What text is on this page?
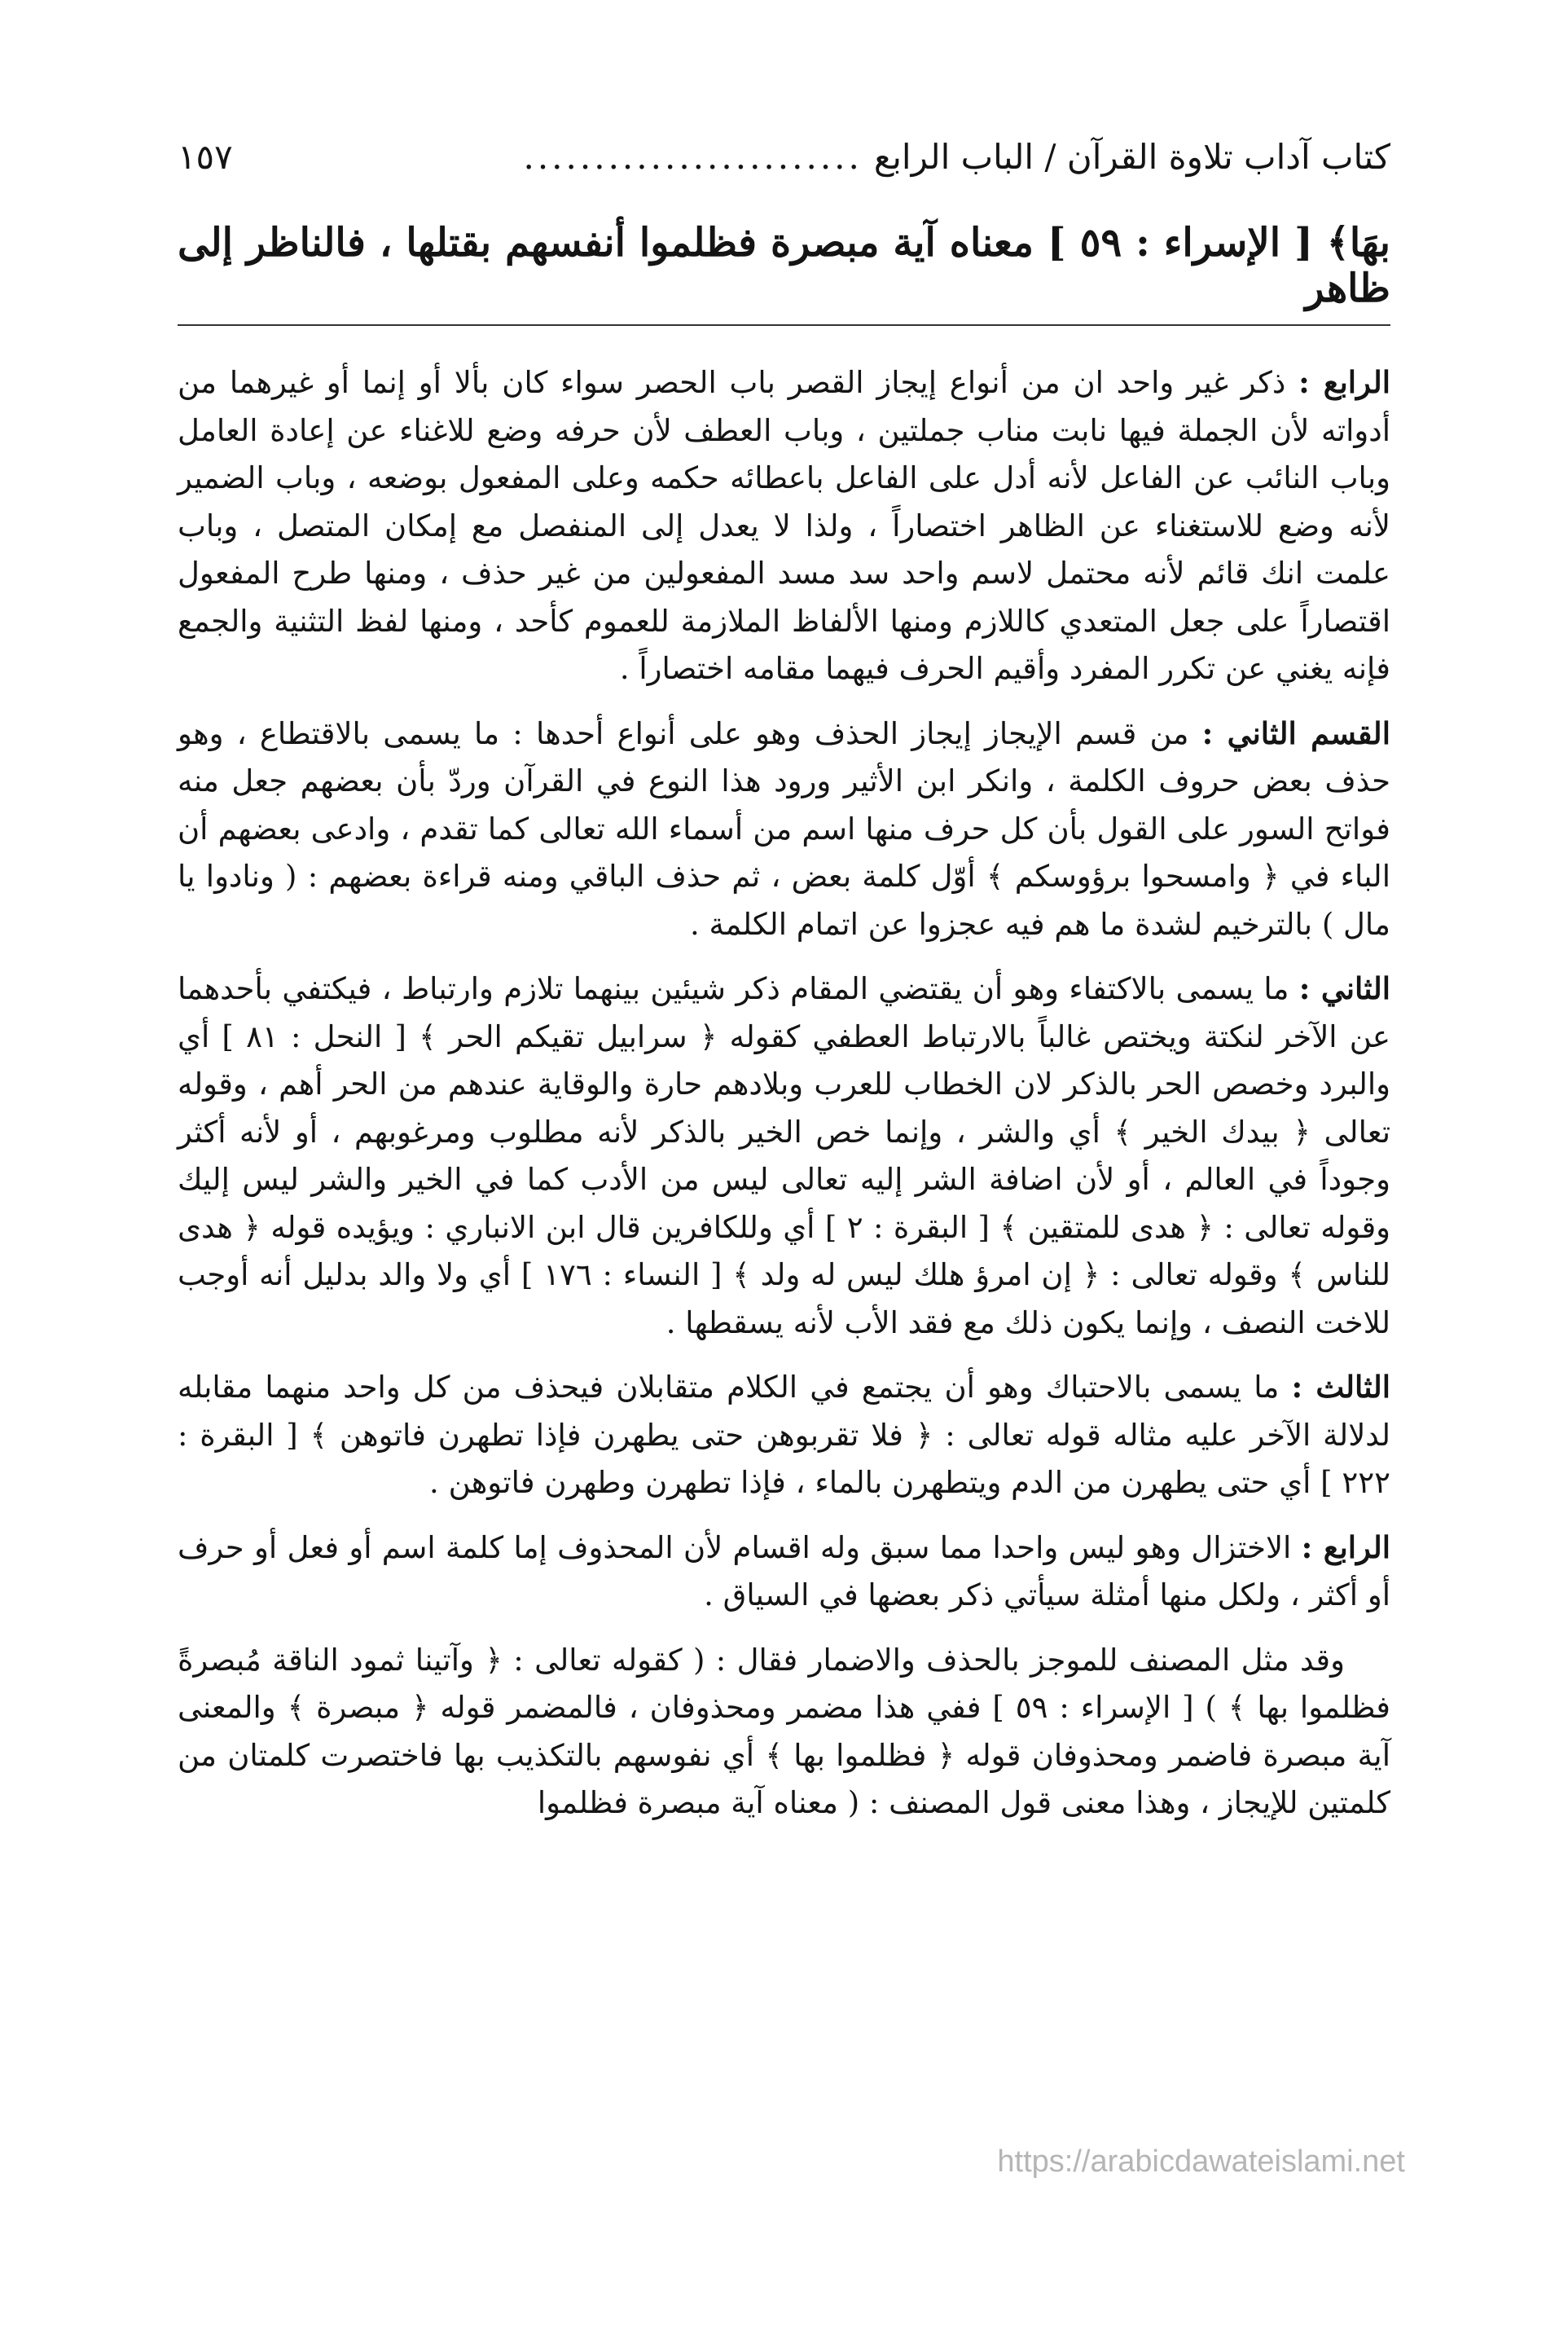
كتاب آداب تلاوة القرآن / الباب الرابع
........................
١٥٧
بهَا﴾ [ الإسراء : ٥٩ ] معناه آية مبصرة فظلموا أنفسهم بقتلها ، فالناظر إلى ظاهر

الرابع : ذكر غير واحد ان من أنواع إيجاز القصر باب الحصر سواء كان بألا أو إنما أو غيرهما من أدواته لأن الجملة فيها نابت مناب جملتين ، وباب العطف لأن حرفه وضع للاغناء عن إعادة العامل وباب النائب عن الفاعل لأنه أدل على الفاعل باعطائه حكمه وعلى المفعول بوضعه ، وباب الضمير لأنه وضع للاستغناء عن الظاهر اختصاراً ، ولذا لا يعدل إلى المنفصل مع إمكان المتصل ، وباب علمت انك قائم لأنه محتمل لاسم واحد سد مسد المفعولين من غير حذف ، ومنها طرح المفعول اقتصاراً على جعل المتعدي كاللازم ومنها الألفاظ الملازمة للعموم كأحد ، ومنها لفظ التثنية والجمع فإنه يغني عن تكرر المفرد وأقيم الحرف فيهما مقامه اختصاراً .

القسم الثاني : من قسم الإيجاز إيجاز الحذف وهو على أنواع أحدها : ما يسمى بالاقتطاع ، وهو حذف بعض حروف الكلمة ، وانكر ابن الأثير ورود هذا النوع في القرآن وردّ بأن بعضهم جعل منه فواتح السور على القول بأن كل حرف منها اسم من أسماء الله تعالى كما تقدم ، وادعى بعضهم أن الباء في ﴿ وامسحوا برؤوسكم ﴾ أوّل كلمة بعض ، ثم حذف الباقي ومنه قراءة بعضهم : ( ونادوا يا مال ) بالترخيم لشدة ما هم فيه عجزوا عن اتمام الكلمة .

الثاني : ما يسمى بالاكتفاء وهو أن يقتضي المقام ذكر شيئين بينهما تلازم وارتباط ، فيكتفي بأحدهما عن الآخر لنكتة ويختص غالباً بالارتباط العطفي كقوله ﴿ سرابيل تقيكم الحر ﴾ [ النحل : ٨١ ] أي والبرد وخصص الحر بالذكر لان الخطاب للعرب وبلادهم حارة والوقاية عندهم من الحر أهم ، وقوله تعالى ﴿ بيدك الخير ﴾ أي والشر ، وإنما خص الخير بالذكر لأنه مطلوب ومرغوبهم ، أو لأنه أكثر وجوداً في العالم ، أو لأن اضافة الشر إليه تعالى ليس من الأدب كما في الخير والشر ليس إليك وقوله تعالى : ﴿ هدى للمتقين ﴾ [ البقرة : ٢ ] أي وللكافرين قال ابن الانباري : ويؤيده قوله ﴿ هدى للناس ﴾ وقوله تعالى : ﴿ إن امرؤ هلك ليس له ولد ﴾ [ النساء : ١٧٦ ] أي ولا والد بدليل أنه أوجب للاخت النصف ، وإنما يكون ذلك مع فقد الأب لأنه يسقطها .

الثالث : ما يسمى بالاحتباك وهو أن يجتمع في الكلام متقابلان فيحذف من كل واحد منهما مقابله لدلالة الآخر عليه مثاله قوله تعالى : ﴿ فلا تقربوهن حتى يطهرن فإذا تطهرن فاتوهن ﴾ [ البقرة : ٢٢٢ ] أي حتى يطهرن من الدم ويتطهرن بالماء ، فإذا تطهرن وطهرن فاتوهن .

الرابع : الاختزال وهو ليس واحدا مما سبق وله اقسام لأن المحذوف إما كلمة اسم أو فعل أو حرف أو أكثر ، ولكل منها أمثلة سيأتي ذكر بعضها في السياق .

وقد مثل المصنف للموجز بالحذف والاضمار فقال : ( كقوله تعالى : ﴿ وآتينا ثمود الناقة مُبصرةً فظلموا بها ﴾ ) [ الإسراء : ٥٩ ] ففي هذا مضمر ومحذوفان ، فالمضمر قوله ﴿ مبصرة ﴾ والمعنى آية مبصرة فاضمر ومحذوفان قوله ﴿ فظلموا بها ﴾ أي نفوسهم بالتكذيب بها فاختصرت كلمتان من كلمتين للإيجاز ، وهذا معنى قول المصنف : ( معناه آية مبصرة فظلموا

https://arabicdawateislami.net
